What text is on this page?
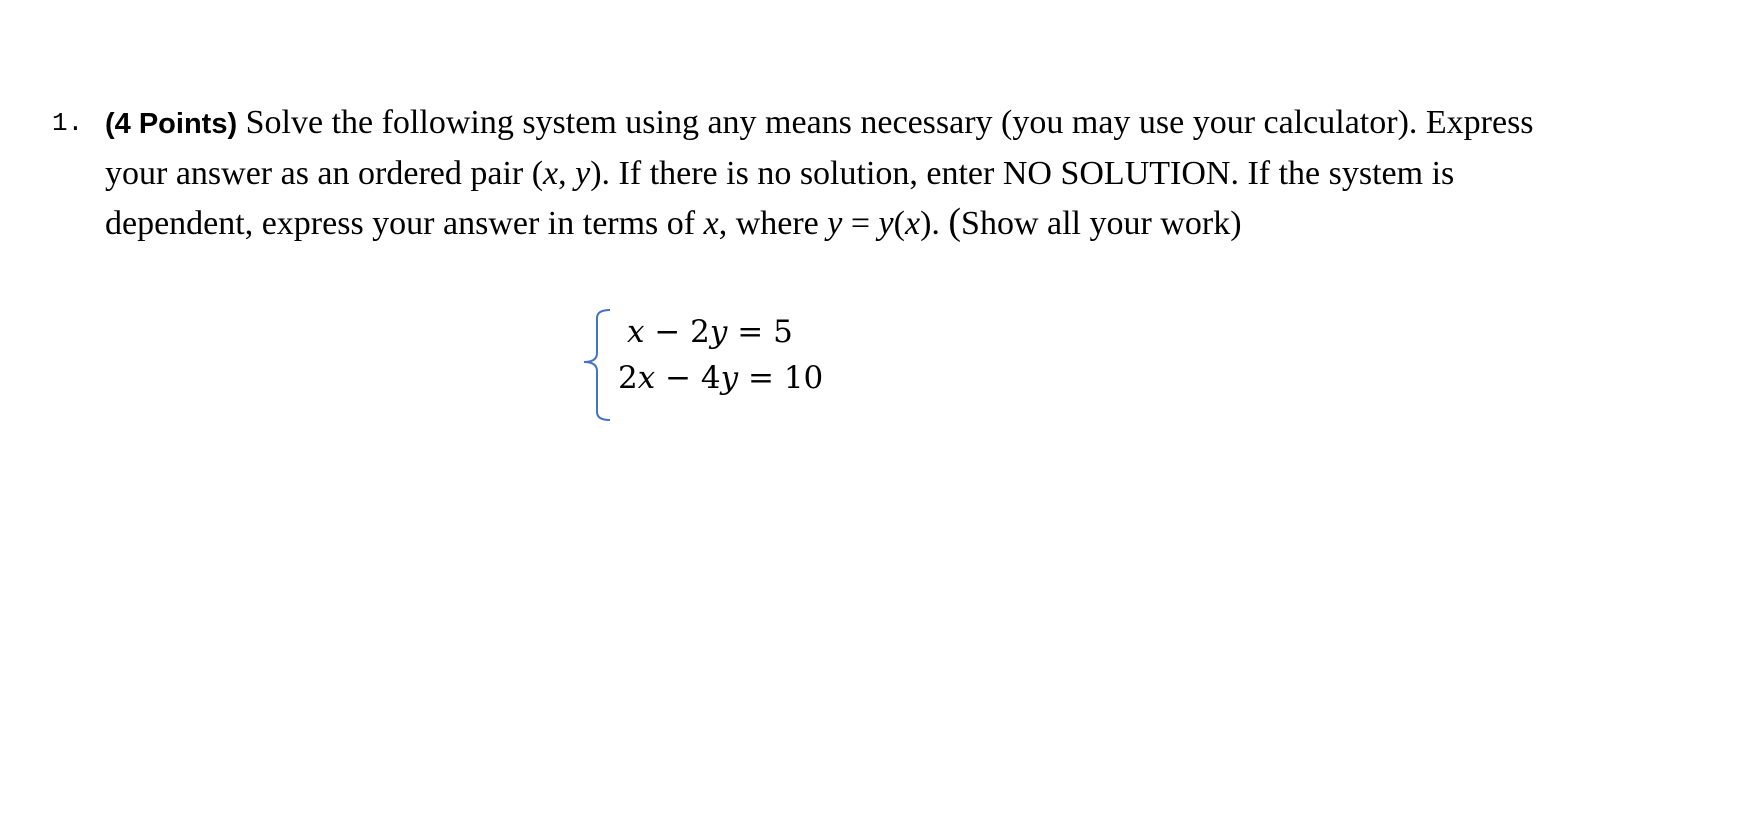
1. (4 Points) Solve the following system using any means necessary (you may use your calculator). Express
your answer as an ordered pair (x, y). If there is no solution, enter NO SOLUTION. If the system is
dependent, express your answer in terms of x, where y = y(x). (Show all your work)
x − 2y = 5
2x − 4y = 10
